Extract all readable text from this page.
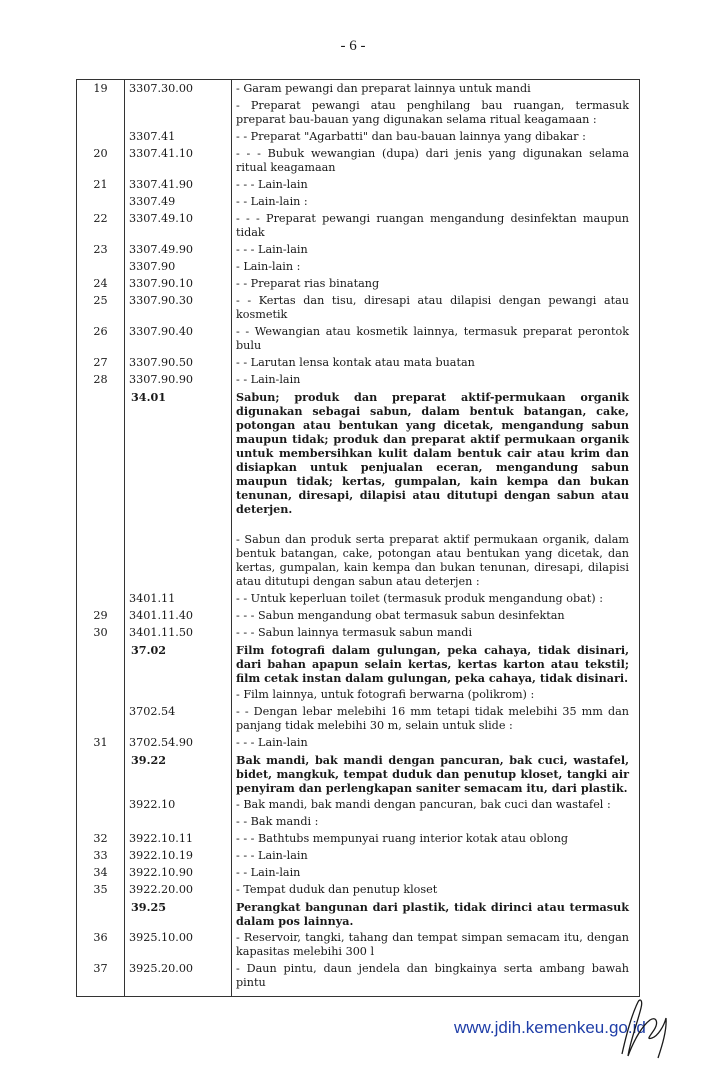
- 6 -
19	3307.30.00	- Garam pewangi dan preparat lainnya untuk mandi
		- Preparat pewangi atau penghilang bau ruangan, termasuk preparat bau-bauan yang digunakan selama ritual keagamaan :
	3307.41	- - Preparat "Agarbatti" dan bau-bauan lainnya yang dibakar :
20	3307.41.10	- - - Bubuk wewangian (dupa) dari jenis yang digunakan selama ritual keagamaan
21	3307.41.90	- - - Lain-lain
	3307.49	- - Lain-lain :
22	3307.49.10	- - - Preparat pewangi ruangan mengandung desinfektan maupun tidak
23	3307.49.90	- - - Lain-lain
	3307.90	- Lain-lain :
24	3307.90.10	- - Preparat rias binatang
25	3307.90.30	- - Kertas dan tisu, diresapi atau dilapisi dengan pewangi atau kosmetik
26	3307.90.40	- - Wewangian atau kosmetik lainnya, termasuk preparat perontok bulu
27	3307.90.50	- - Larutan lensa kontak atau mata buatan
28	3307.90.90	- - Lain-lain
	34.01	Sabun; produk dan preparat aktif-permukaan organik digunakan sebagai sabun, dalam bentuk batangan, cake, potongan atau bentukan yang dicetak, mengandung sabun maupun tidak; produk dan preparat aktif permukaan organik untuk membersihkan kulit dalam bentuk cair atau krim dan disiapkan untuk penjualan eceran, mengandung sabun maupun tidak; kertas, gumpalan, kain kempa dan bukan tenunan, diresapi, dilapisi atau ditutupi dengan sabun atau deterjen.

		- Sabun dan produk serta preparat aktif permukaan organik, dalam bentuk batangan, cake, potongan atau bentukan yang dicetak, dan kertas, gumpalan, kain kempa dan bukan tenunan, diresapi, dilapisi atau ditutupi dengan sabun atau deterjen :
	3401.11	- - Untuk keperluan toilet (termasuk produk mengandung obat) :
29	3401.11.40	- - - Sabun mengandung obat termasuk sabun desinfektan
30	3401.11.50	- - - Sabun lainnya termasuk sabun mandi
	37.02	Film fotografi dalam gulungan, peka cahaya, tidak disinari, dari bahan apapun selain kertas, kertas karton atau tekstil; film cetak instan dalam gulungan, peka cahaya, tidak disinari.
		- Film lainnya, untuk fotografi berwarna (polikrom) :
	3702.54	- - Dengan lebar melebihi 16 mm tetapi tidak melebihi 35 mm dan panjang tidak melebihi 30 m, selain untuk slide :
31	3702.54.90	- - - Lain-lain
	39.22	Bak mandi, bak mandi dengan pancuran, bak cuci, wastafel, bidet, mangkuk, tempat duduk dan penutup kloset, tangki air penyiram dan perlengkapan saniter semacam itu, dari plastik.
	3922.10	- Bak mandi, bak mandi dengan pancuran, bak cuci dan wastafel :
		- - Bak mandi :
32	3922.10.11	- - - Bathtubs mempunyai ruang interior kotak atau oblong
33	3922.10.19	- - - Lain-lain
34	3922.10.90	- - Lain-lain
35	3922.20.00	- Tempat duduk dan penutup kloset
	39.25	Perangkat bangunan dari plastik, tidak dirinci atau termasuk dalam pos lainnya.
36	3925.10.00	- Reservoir, tangki, tahang dan tempat simpan semacam itu, dengan kapasitas melebihi 300 l
37	3925.20.00	- Daun pintu, daun jendela dan bingkainya serta ambang bawah pintu
www.jdih.kemenkeu.go.id
